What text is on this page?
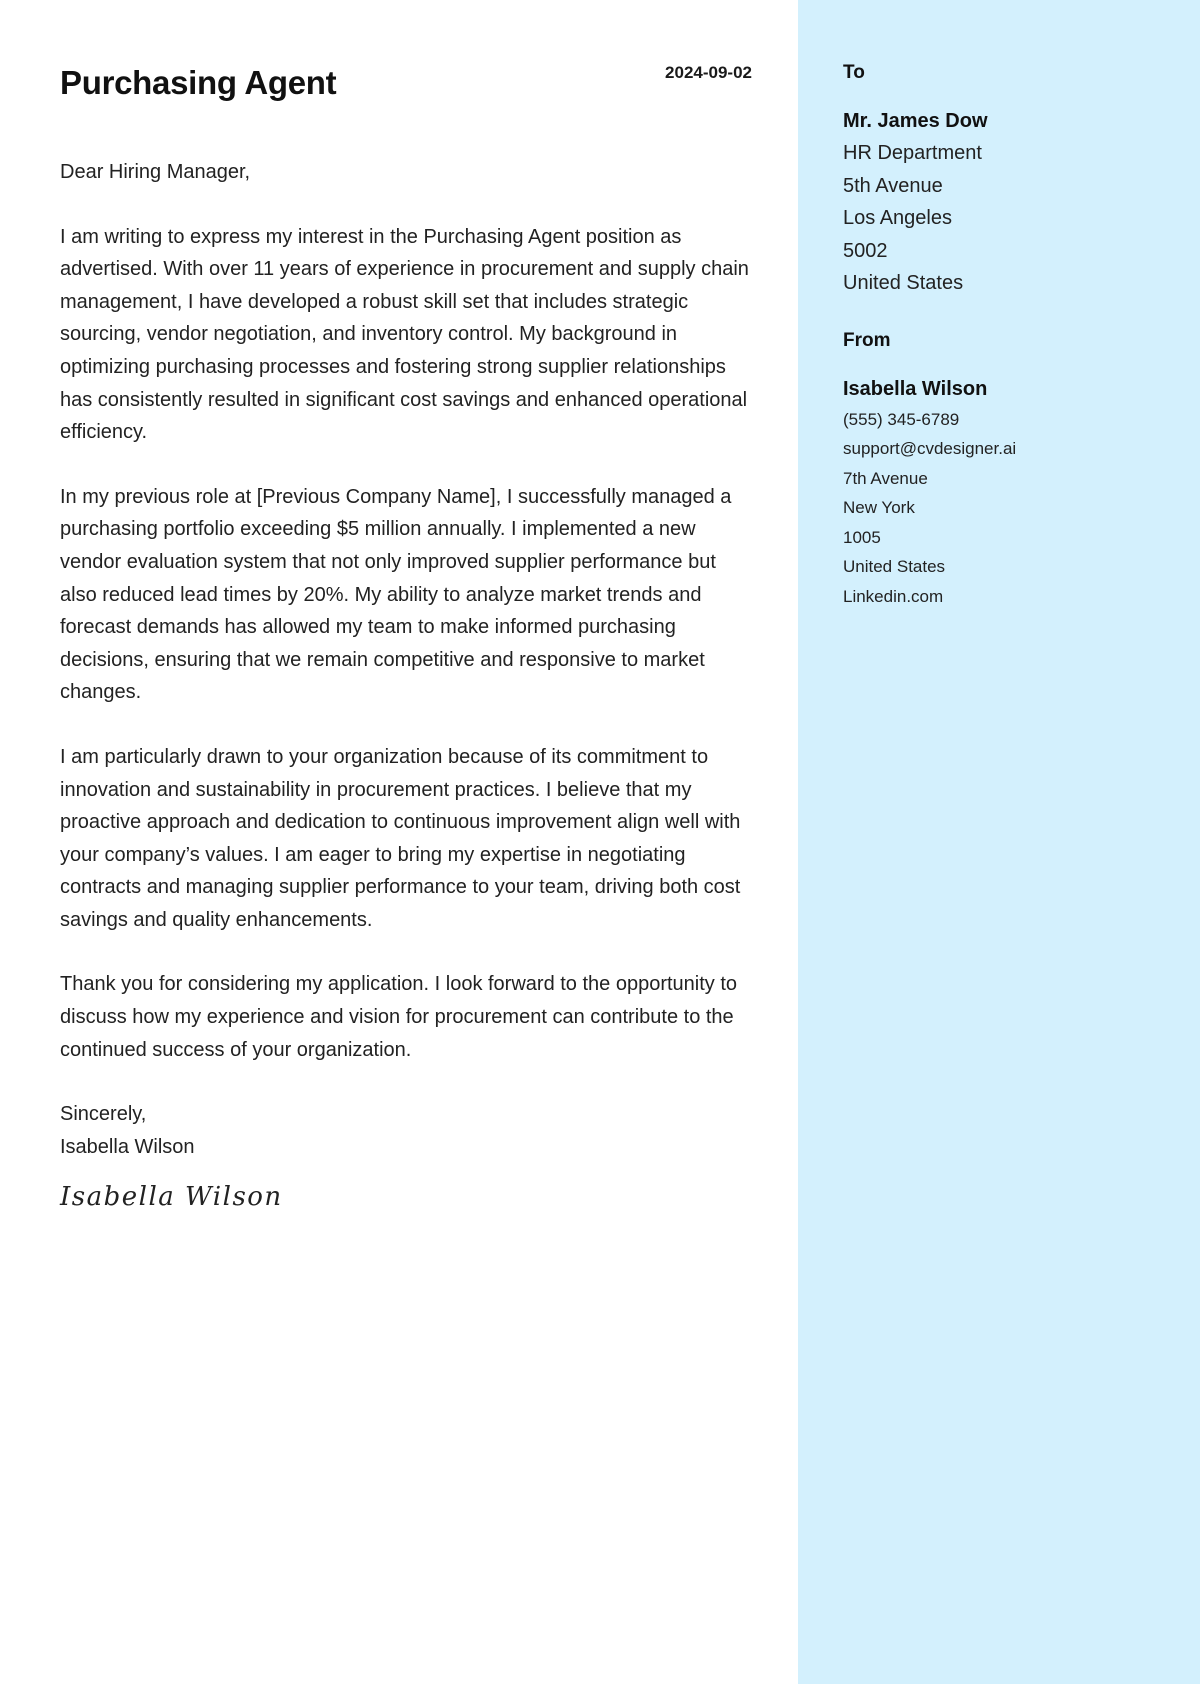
Purchasing Agent	2024-09-02

Dear Hiring Manager,

I am writing to express my interest in the Purchasing Agent position as advertised. With over 11 years of experience in procurement and supply chain management, I have developed a robust skill set that includes strategic sourcing, vendor negotiation, and inventory control. My background in optimizing purchasing processes and fostering strong supplier relationships has consistently resulted in significant cost savings and enhanced operational efficiency.

In my previous role at [Previous Company Name], I successfully managed a purchasing portfolio exceeding $5 million annually. I implemented a new vendor evaluation system that not only improved supplier performance but also reduced lead times by 20%. My ability to analyze market trends and forecast demands has allowed my team to make informed purchasing decisions, ensuring that we remain competitive and responsive to market changes.

I am particularly drawn to your organization because of its commitment to innovation and sustainability in procurement practices. I believe that my proactive approach and dedication to continuous improvement align well with your company’s values. I am eager to bring my expertise in negotiating contracts and managing supplier performance to your team, driving both cost savings and quality enhancements.

Thank you for considering my application. I look forward to the opportunity to discuss how my experience and vision for procurement can contribute to the continued success of your organization.

Sincerely,
Isabella Wilson
Isabella Wilson
To
Mr. James Dow
HR Department
5th Avenue
Los Angeles
5002
United States
From
Isabella Wilson
(555) 345-6789
support@cvdesigner.ai
7th Avenue
New York
1005
United States
Linkedin.com
